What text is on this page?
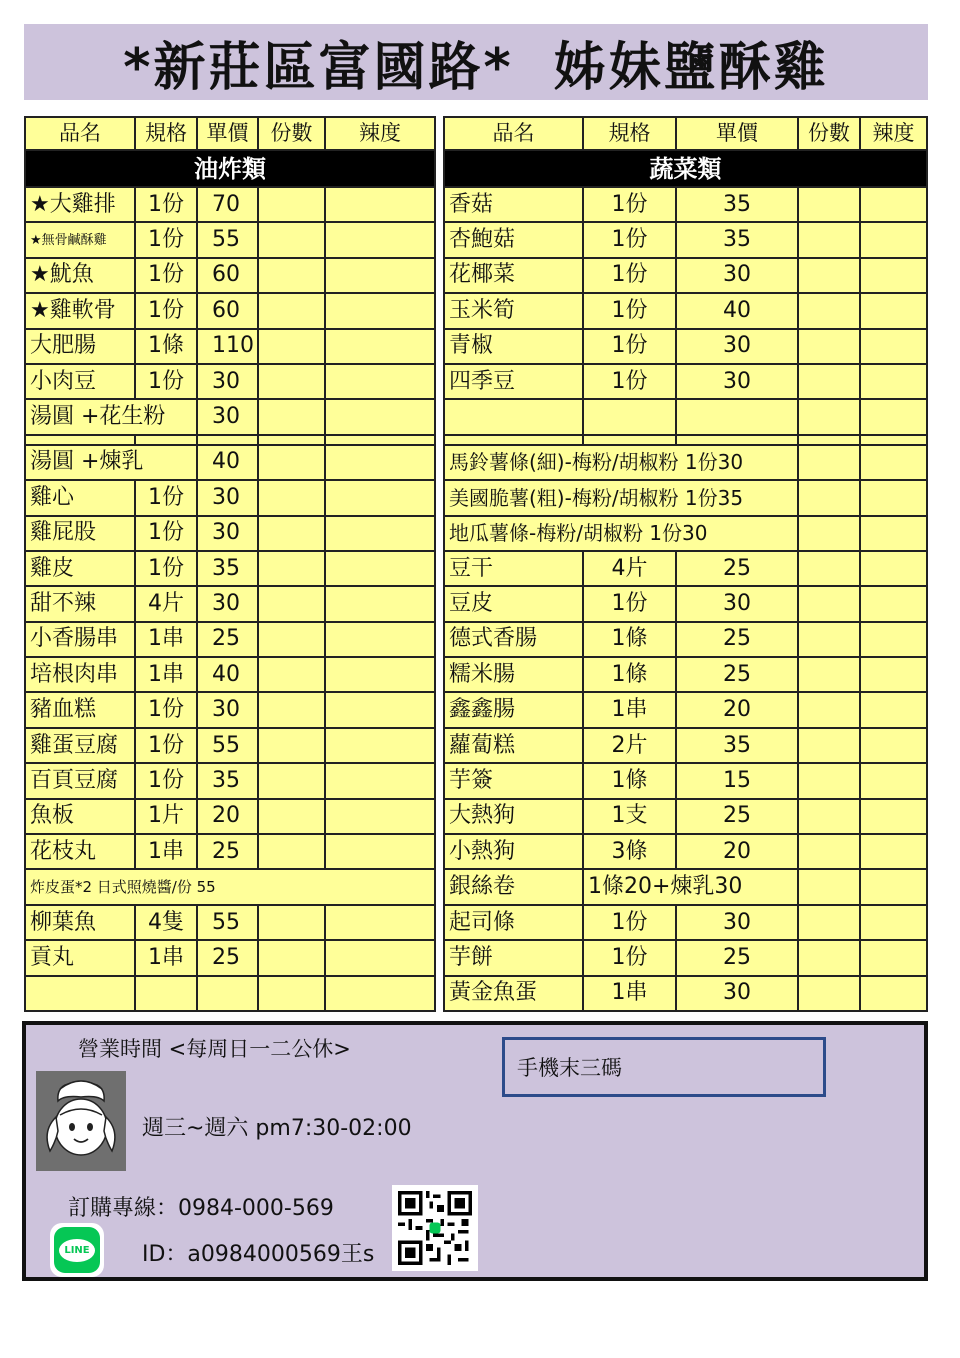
*新莊區富國路* 姊妹鹽酥雞
品名	規格	單價	份數	辣度
油炸類				
★大雞排	1份	70		
★無骨鹹酥雞	1份	55		
★魷魚	1份	60		
★雞軟骨	1份	60		
大肥腸	1條	110		
小肉豆	1份	30		
湯圓 +花生粉		30		

湯圓 +煉乳		40		
雞心	1份	30		
雞屁股	1份	30		
雞皮	1份	35		
甜不辣	4片	30		
小香腸串	1串	25		
培根肉串	1串	40		
豬血糕	1份	30		
雞蛋豆腐	1份	55		
百頁豆腐	1份	35		
魚板	1片	20		
花枝丸	1串	25		
炸皮蛋*2 日式照燒醬/份 55				
柳葉魚	4隻	55		
貢丸	1串	25		

品名	規格	單價	份數	辣度
蔬菜類				
香菇	1份	35		
杏鮑菇	1份	35		
花椰菜	1份	30		
玉米筍	1份	40		
青椒	1份	30		
四季豆	1份	30		

馬鈴薯條(細)-梅粉/胡椒粉 1份30				
美國脆薯(粗)-梅粉/胡椒粉 1份35				
地瓜薯條-梅粉/胡椒粉 1份30				
豆干	4片	25		
豆皮	1份	30		
德式香腸	1條	25		
糯米腸	1條	25		
鑫鑫腸	1串	20		
蘿蔔糕	2片	35		
芋簽	1條	15		
大熱狗	1支	25		
小熱狗	3條	20		
銀絲卷	1條20+煉乳30			
起司條	1份	30		
芋餅	1份	25		
黃金魚蛋	1串	30		
營業時間 <每周日一二公休>
週三~週六 pm7:30-02:00
手機末三碼
訂購專線：0984-000-569
LINE ID：a0984000569王s
